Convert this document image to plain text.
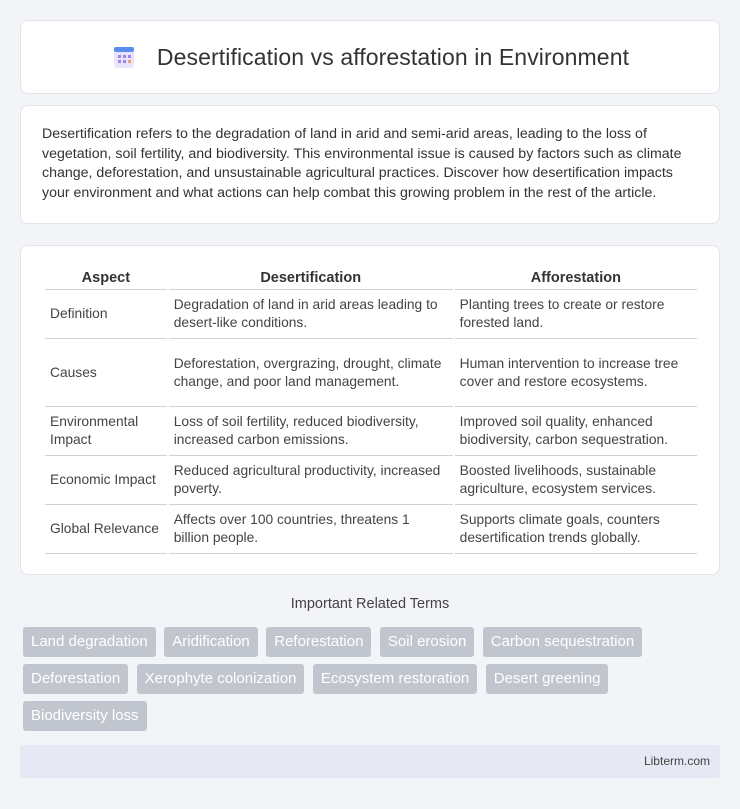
Desertification vs afforestation in Environment

Desertification refers to the degradation of land in arid and semi-arid areas, leading to the loss of vegetation, soil fertility, and biodiversity. This environmental issue is caused by factors such as climate change, deforestation, and unsustainable agricultural practices. Discover how desertification impacts your environment and what actions can help combat this growing problem in the rest of the article.

Aspect	Desertification	Afforestation
Definition	Degradation of land in arid areas leading to desert-like conditions.	Planting trees to create or restore forested land.
Causes	Deforestation, overgrazing, drought, climate change, and poor land management.	Human intervention to increase tree cover and restore ecosystems.
Environmental Impact	Loss of soil fertility, reduced biodiversity, increased carbon emissions.	Improved soil quality, enhanced biodiversity, carbon sequestration.
Economic Impact	Reduced agricultural productivity, increased poverty.	Boosted livelihoods, sustainable agriculture, ecosystem services.
Global Relevance	Affects over 100 countries, threatens 1 billion people.	Supports climate goals, counters desertification trends globally.
Important Related Terms
Land degradation Aridification Reforestation Soil erosion Carbon sequestration Deforestation Xerophyte colonization Ecosystem restoration Desert greening Biodiversity loss
Libterm.com
